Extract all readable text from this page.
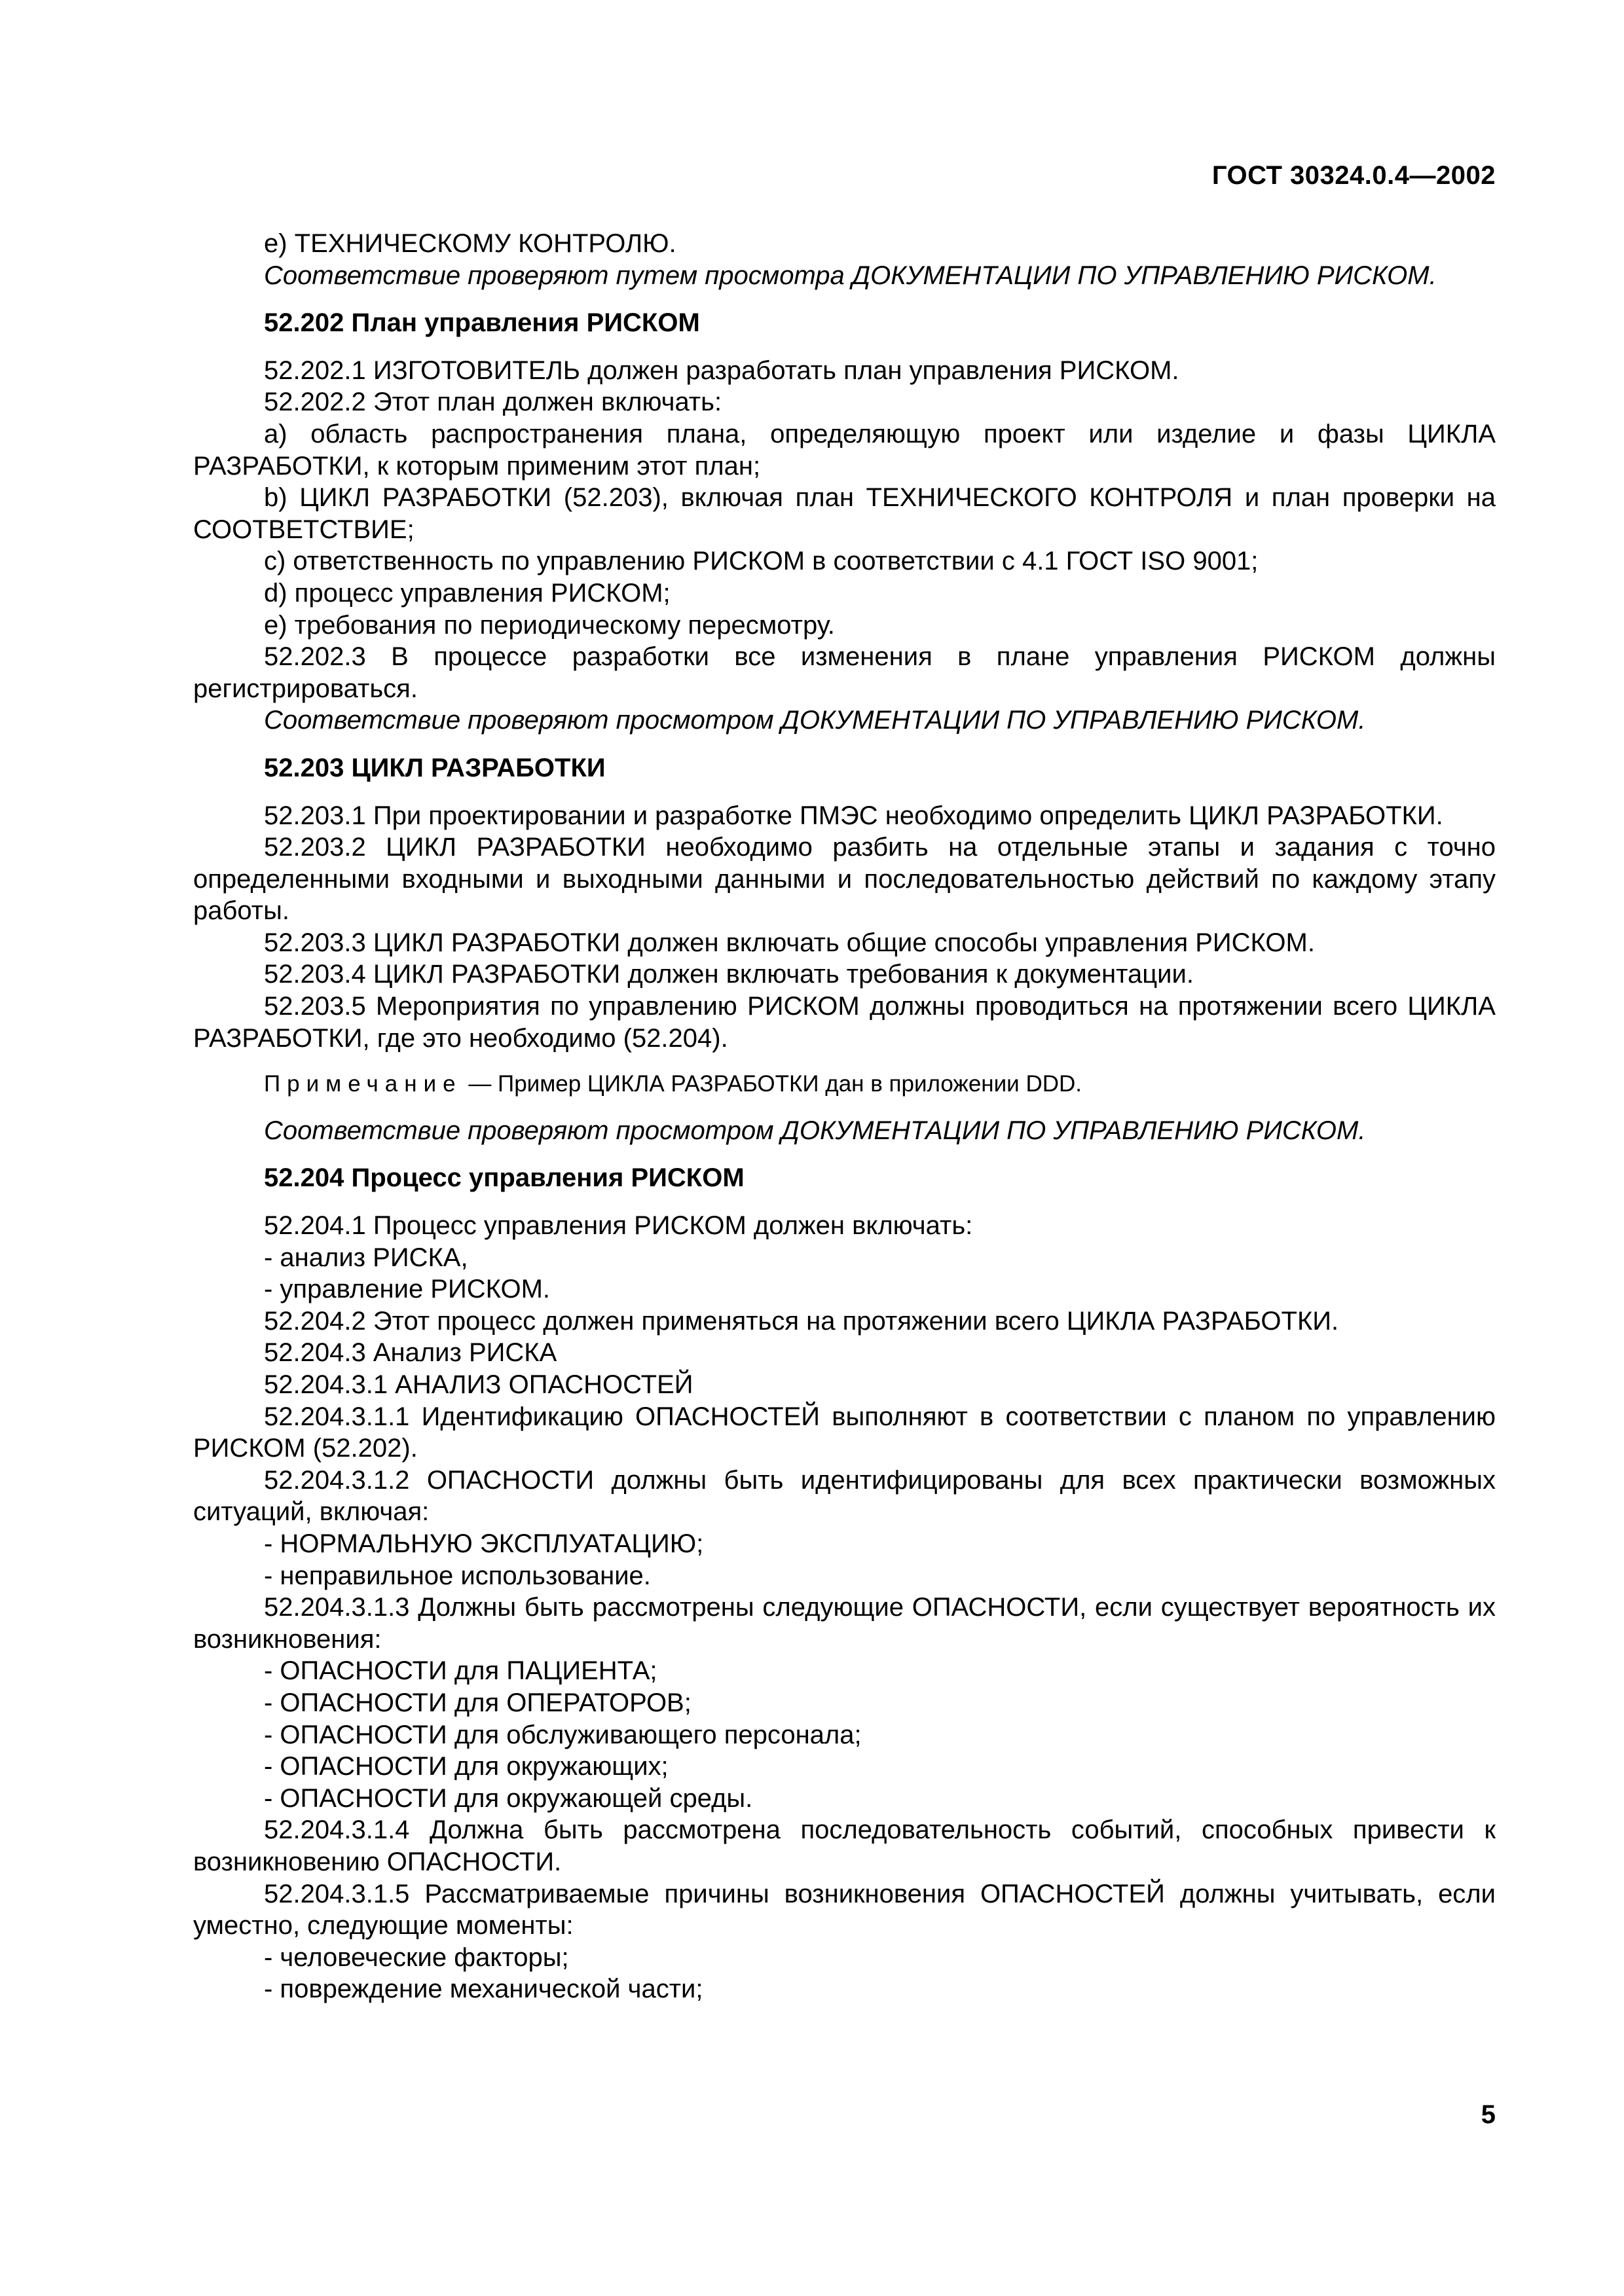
ГОСТ 30324.0.4—2002
e) ТЕХНИЧЕСКОМУ КОНТРОЛЮ.
Соответствие проверяют путем просмотра ДОКУМЕНТАЦИИ ПО УПРАВЛЕНИЮ РИСКОМ.
52.202 План управления РИСКОМ
52.202.1 ИЗГОТОВИТЕЛЬ должен разработать план управления РИСКОМ.
52.202.2 Этот план должен включать:
a) область распространения плана, определяющую проект или изделие и фазы ЦИКЛА РАЗРАБОТКИ, к которым применим этот план;
b) ЦИКЛ РАЗРАБОТКИ (52.203), включая план ТЕХНИЧЕСКОГО КОНТРОЛЯ и план проверки на СООТВЕТСТВИЕ;
c) ответственность по управлению РИСКОМ в соответствии с 4.1 ГОСТ ISO 9001;
d) процесс управления РИСКОМ;
e) требования по периодическому пересмотру.
52.202.3 В процессе разработки все изменения в плане управления РИСКОМ должны регистрироваться.
Соответствие проверяют просмотром ДОКУМЕНТАЦИИ ПО УПРАВЛЕНИЮ РИСКОМ.
52.203 ЦИКЛ РАЗРАБОТКИ
52.203.1 При проектировании и разработке ПМЭС необходимо определить ЦИКЛ РАЗРАБОТКИ.
52.203.2 ЦИКЛ РАЗРАБОТКИ необходимо разбить на отдельные этапы и задания с точно определенными входными и выходными данными и последовательностью действий по каждому этапу работы.
52.203.3 ЦИКЛ РАЗРАБОТКИ должен включать общие способы управления РИСКОМ.
52.203.4 ЦИКЛ РАЗРАБОТКИ должен включать требования к документации.
52.203.5 Мероприятия по управлению РИСКОМ должны проводиться на протяжении всего ЦИКЛА РАЗРАБОТКИ, где это необходимо (52.204).
Примечание — Пример ЦИКЛА РАЗРАБОТКИ дан в приложении DDD.
Соответствие проверяют просмотром ДОКУМЕНТАЦИИ ПО УПРАВЛЕНИЮ РИСКОМ.
52.204 Процесс управления РИСКОМ
52.204.1 Процесс управления РИСКОМ должен включать:
- анализ РИСКА,
- управление РИСКОМ.
52.204.2 Этот процесс должен применяться на протяжении всего ЦИКЛА РАЗРАБОТКИ.
52.204.3 Анализ РИСКА
52.204.3.1 АНАЛИЗ ОПАСНОСТЕЙ
52.204.3.1.1 Идентификацию ОПАСНОСТЕЙ выполняют в соответствии с планом по управлению РИСКОМ (52.202).
52.204.3.1.2 ОПАСНОСТИ должны быть идентифицированы для всех практически возможных ситуаций, включая:
- НОРМАЛЬНУЮ ЭКСПЛУАТАЦИЮ;
- неправильное использование.
52.204.3.1.3 Должны быть рассмотрены следующие ОПАСНОСТИ, если существует вероятность их возникновения:
- ОПАСНОСТИ для ПАЦИЕНТА;
- ОПАСНОСТИ для ОПЕРАТОРОВ;
- ОПАСНОСТИ для обслуживающего персонала;
- ОПАСНОСТИ для окружающих;
- ОПАСНОСТИ для окружающей среды.
52.204.3.1.4 Должна быть рассмотрена последовательность событий, способных привести к возникновению ОПАСНОСТИ.
52.204.3.1.5 Рассматриваемые причины возникновения ОПАСНОСТЕЙ должны учитывать, если уместно, следующие моменты:
- человеческие факторы;
- повреждение механической части;
5
